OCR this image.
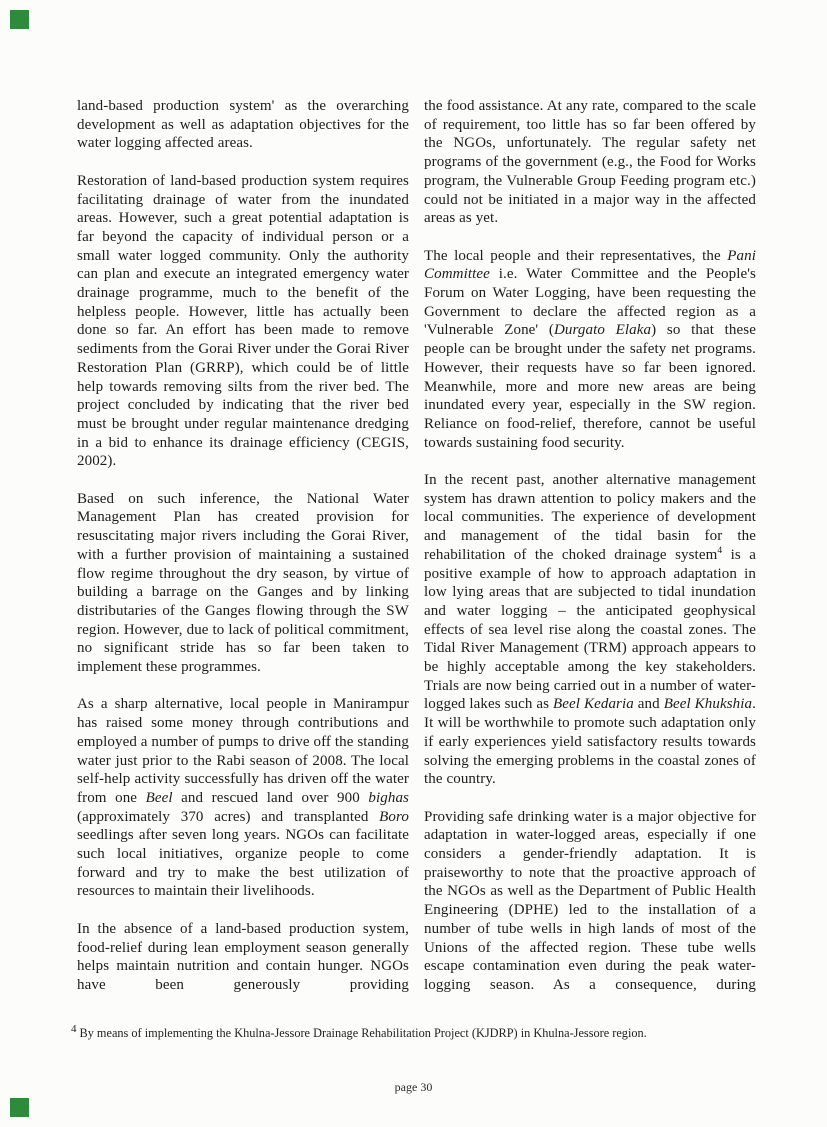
land-based production system' as the overarching development as well as adaptation objectives for the water logging affected areas.

Restoration of land-based production system requires facilitating drainage of water from the inundated areas. However, such a great potential adaptation is far beyond the capacity of individual person or a small water logged community. Only the authority can plan and execute an integrated emergency water drainage programme, much to the benefit of the helpless people. However, little has actually been done so far. An effort has been made to remove sediments from the Gorai River under the Gorai River Restoration Plan (GRRP), which could be of little help towards removing silts from the river bed. The project concluded by indicating that the river bed must be brought under regular maintenance dredging in a bid to enhance its drainage efficiency (CEGIS, 2002).

Based on such inference, the National Water Management Plan has created provision for resuscitating major rivers including the Gorai River, with a further provision of maintaining a sustained flow regime throughout the dry season, by virtue of building a barrage on the Ganges and by linking distributaries of the Ganges flowing through the SW region. However, due to lack of political commitment, no significant stride has so far been taken to implement these programmes.

As a sharp alternative, local people in Manirampur has raised some money through contributions and employed a number of pumps to drive off the standing water just prior to the Rabi season of 2008. The local self-help activity successfully has driven off the water from one Beel and rescued land over 900 bighas (approximately 370 acres) and transplanted Boro seedlings after seven long years. NGOs can facilitate such local initiatives, organize people to come forward and try to make the best utilization of resources to maintain their livelihoods.

In the absence of a land-based production system, food-relief during lean employment season generally helps maintain nutrition and contain hunger. NGOs have been generously providing

the food assistance. At any rate, compared to the scale of requirement, too little has so far been offered by the NGOs, unfortunately. The regular safety net programs of the government (e.g., the Food for Works program, the Vulnerable Group Feeding program etc.) could not be initiated in a major way in the affected areas as yet.

The local people and their representatives, the Pani Committee i.e. Water Committee and the People's Forum on Water Logging, have been requesting the Government to declare the affected region as a 'Vulnerable Zone' (Durgato Elaka) so that these people can be brought under the safety net programs. However, their requests have so far been ignored. Meanwhile, more and more new areas are being inundated every year, especially in the SW region. Reliance on food-relief, therefore, cannot be useful towards sustaining food security.

In the recent past, another alternative management system has drawn attention to policy makers and the local communities. The experience of development and management of the tidal basin for the rehabilitation of the choked drainage system$^4$ is a positive example of how to approach adaptation in low lying areas that are subjected to tidal inundation and water logging – the anticipated geophysical effects of sea level rise along the coastal zones. The Tidal River Management (TRM) approach appears to be highly acceptable among the key stakeholders. Trials are now being carried out in a number of water-logged lakes such as Beel Kedaria and Beel Khukshia. It will be worthwhile to promote such adaptation only if early experiences yield satisfactory results towards solving the emerging problems in the coastal zones of the country.

Providing safe drinking water is a major objective for adaptation in water-logged areas, especially if one considers a gender-friendly adaptation. It is praiseworthy to note that the proactive approach of the NGOs as well as the Department of Public Health Engineering (DPHE) led to the installation of a number of tube wells in high lands of most of the Unions of the affected region. These tube wells escape contamination even during the peak water-logging season. As a consequence, during

4 By means of implementing the Khulna-Jessore Drainage Rehabilitation Project (KJDRP) in Khulna-Jessore region.
page 30
